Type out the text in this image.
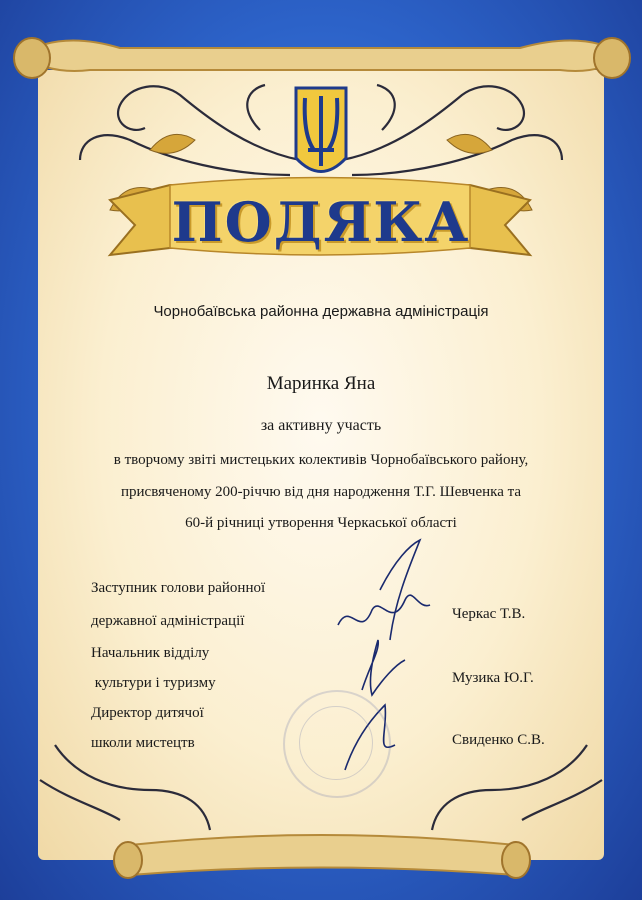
ПОДЯКА
Чорнобаївська районна державна адміністрація
Маринка Яна
за активну участь
в творчому звіті мистецьких колективів Чорнобаївського району,
присвяченому 200-річчю від дня народження Т.Г. Шевченка та
60-й річниці утворення Черкаської області
Заступник голови районної
державної адміністрації	Черкас Т.В.
Начальник відділу
культури і туризму	Музика Ю.Г.
Директор дитячої
школи мистецтв	Свиденко С.В.
